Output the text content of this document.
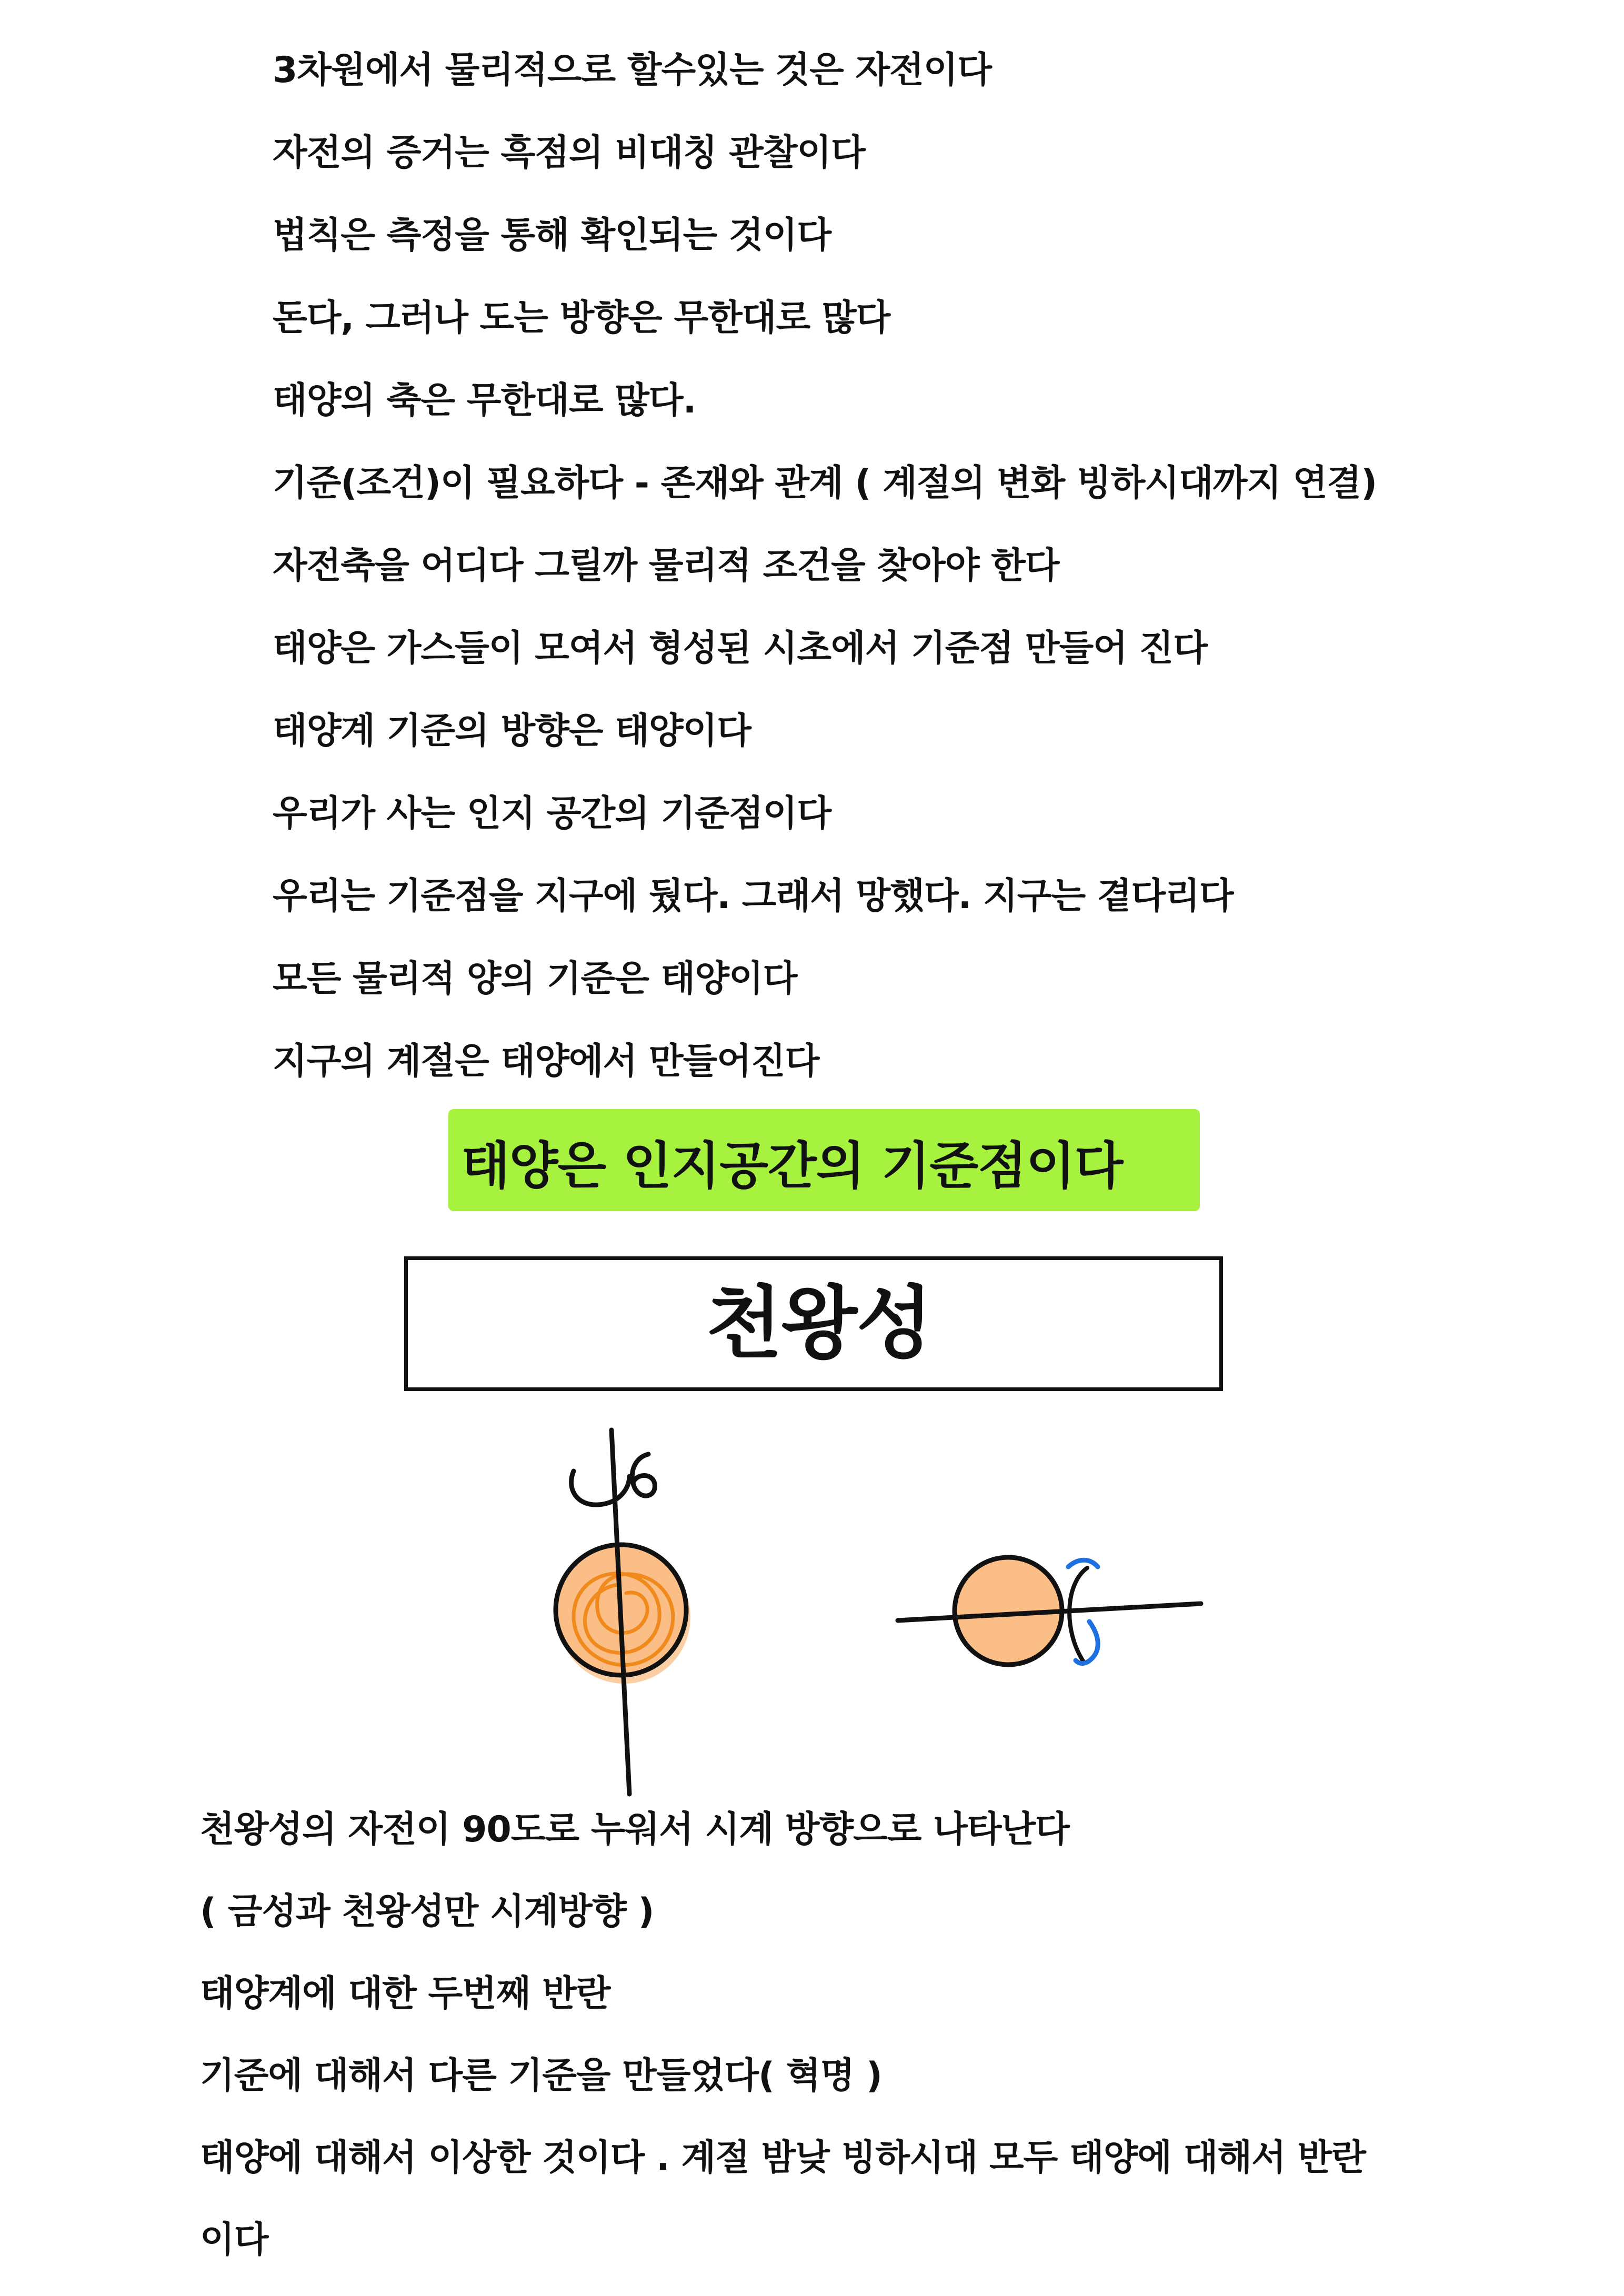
3차원에서 물리적으로 할수있는 것은 자전이다

자전의 증거는 흑점의 비대칭 관찰이다

법칙은 측정을 통해 확인되는 것이다

돈다, 그러나 도는 방향은 무한대로 많다

태양의 축은 무한대로 많다.

기준(조건)이 필요하다 - 존재와 관계 ( 계절의 변화 빙하시대까지 연결)

자전축을 어디다 그릴까 물리적 조건을 찾아야 한다

태양은 가스들이 모여서 형성된 시초에서 기준점 만들어 진다

태양계 기준의 방향은 태양이다

우리가 사는 인지 공간의 기준점이다

우리는 기준점을 지구에 뒀다. 그래서 망했다. 지구는 곁다리다

모든 물리적 양의 기준은 태양이다

지구의 계절은 태양에서 만들어진다

태양은 인지공간의 기준점이다
천왕성

천왕성의 자전이 90도로 누워서 시계 방향으로 나타난다

( 금성과 천왕성만 시계방향 )

태양계에 대한 두번째 반란

기준에 대해서 다른 기준을 만들었다( 혁명 )

태양에 대해서 이상한 것이다 . 계절 밤낮 빙하시대 모두 태양에 대해서 반란

이다
